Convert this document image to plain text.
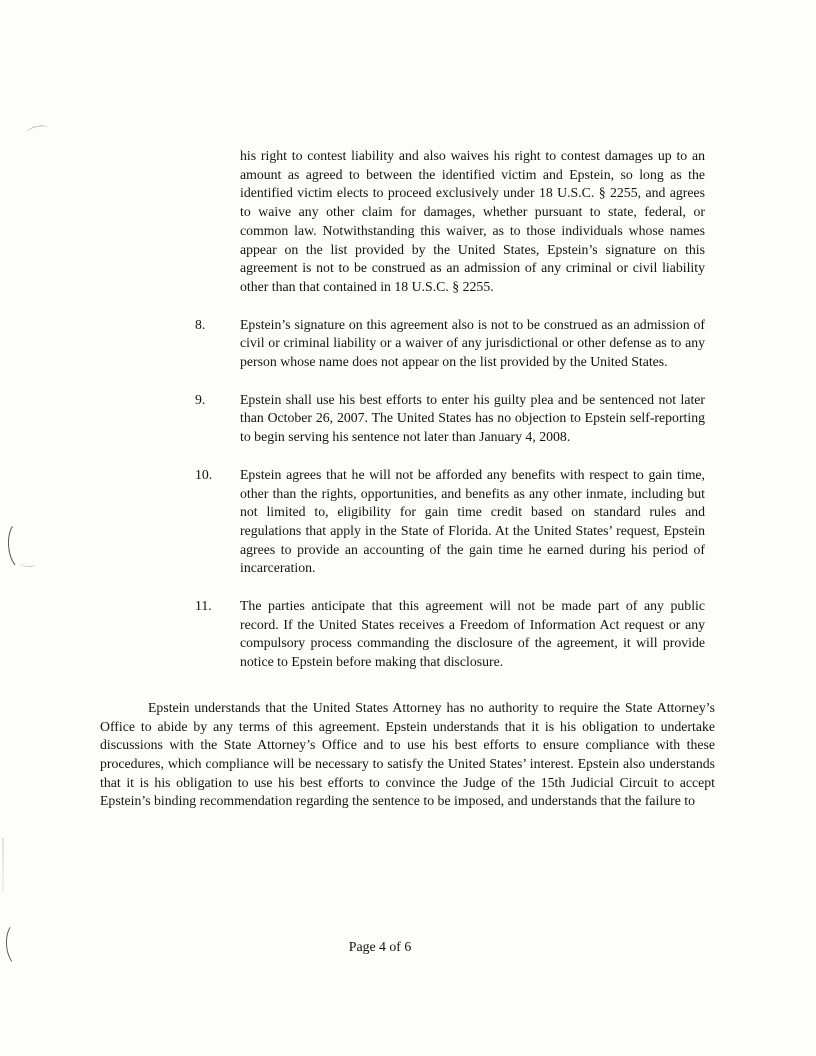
his right to contest liability and also waives his right to contest damages up to an amount as agreed to between the identified victim and Epstein, so long as the identified victim elects to proceed exclusively under 18 U.S.C. § 2255, and agrees to waive any other claim for damages, whether pursuant to state, federal, or common law. Notwithstanding this waiver, as to those individuals whose names appear on the list provided by the United States, Epstein’s signature on this agreement is not to be construed as an admission of any criminal or civil liability other than that contained in 18 U.S.C. § 2255.

8.	Epstein’s signature on this agreement also is not to be construed as an admission of civil or criminal liability or a waiver of any jurisdictional or other defense as to any person whose name does not appear on the list provided by the United States.
9.	Epstein shall use his best efforts to enter his guilty plea and be sentenced not later than October 26, 2007. The United States has no objection to Epstein self-reporting to begin serving his sentence not later than January 4, 2008.
10.	Epstein agrees that he will not be afforded any benefits with respect to gain time, other than the rights, opportunities, and benefits as any other inmate, including but not limited to, eligibility for gain time credit based on standard rules and regulations that apply in the State of Florida. At the United States’ request, Epstein agrees to provide an accounting of the gain time he earned during his period of incarceration.
11.	The parties anticipate that this agreement will not be made part of any public record. If the United States receives a Freedom of Information Act request or any compulsory process commanding the disclosure of the agreement, it will provide notice to Epstein before making that disclosure.

Epstein understands that the United States Attorney has no authority to require the State Attorney’s Office to abide by any terms of this agreement. Epstein understands that it is his obligation to undertake discussions with the State Attorney’s Office and to use his best efforts to ensure compliance with these procedures, which compliance will be necessary to satisfy the United States’ interest. Epstein also understands that it is his obligation to use his best efforts to convince the Judge of the 15th Judicial Circuit to accept Epstein’s binding recommendation regarding the sentence to be imposed, and understands that the failure to

Page 4 of 6
